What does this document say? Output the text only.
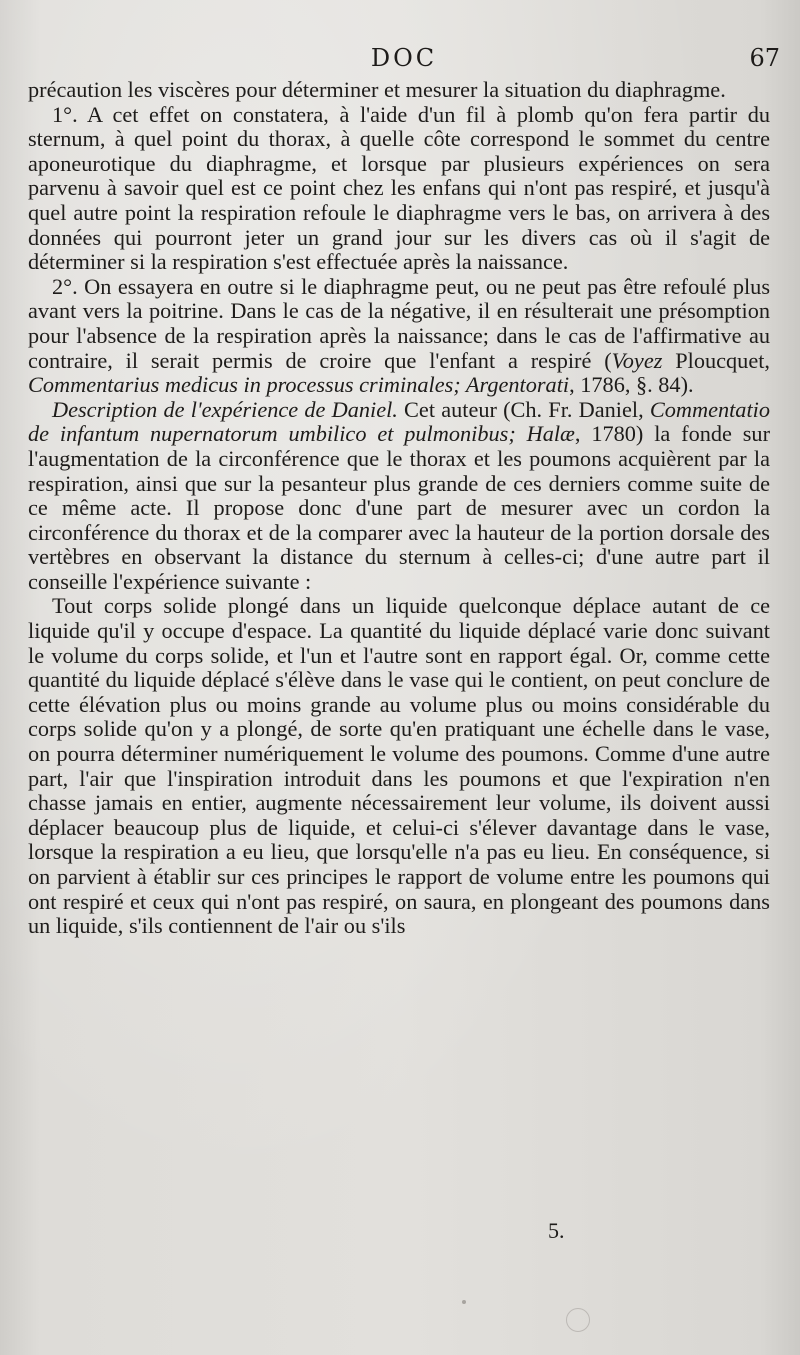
DOC	67

précaution les viscères pour déterminer et mesurer la situation du diaphragme.

1°. A cet effet on constatera, à l'aide d'un fil à plomb qu'on fera partir du sternum, à quel point du thorax, à quelle côte correspond le sommet du centre aponeurotique du diaphragme, et lorsque par plusieurs expériences on sera parvenu à savoir quel est ce point chez les enfans qui n'ont pas respiré, et jusqu'à quel autre point la respiration refoule le diaphragme vers le bas, on arrivera à des données qui pourront jeter un grand jour sur les divers cas où il s'agit de déterminer si la respiration s'est effectuée après la naissance.

2°. On essayera en outre si le diaphragme peut, ou ne peut pas être refoulé plus avant vers la poitrine. Dans le cas de la négative, il en résulterait une présomption pour l'absence de la respiration après la naissance; dans le cas de l'affirmative au contraire, il serait permis de croire que l'enfant a respiré (Voyez Ploucquet, Commentarius medicus in processus criminales; Argentorati, 1786, §. 84).

Description de l'expérience de Daniel. Cet auteur (Ch. Fr. Daniel, Commentatio de infantum nupernatorum umbilico et pulmonibus; Halæ, 1780) la fonde sur l'augmentation de la circonférence que le thorax et les poumons acquièrent par la respiration, ainsi que sur la pesanteur plus grande de ces derniers comme suite de ce même acte. Il propose donc d'une part de mesurer avec un cordon la circonférence du thorax et de la comparer avec la hauteur de la portion dorsale des vertèbres en observant la distance du sternum à celles-ci; d'une autre part il conseille l'expérience suivante :

Tout corps solide plongé dans un liquide quelconque déplace autant de ce liquide qu'il y occupe d'espace. La quantité du liquide déplacé varie donc suivant le volume du corps solide, et l'un et l'autre sont en rapport égal. Or, comme cette quantité du liquide déplacé s'élève dans le vase qui le contient, on peut conclure de cette élévation plus ou moins grande au volume plus ou moins considérable du corps solide qu'on y a plongé, de sorte qu'en pratiquant une échelle dans le vase, on pourra déterminer numériquement le volume des poumons. Comme d'une autre part, l'air que l'inspiration introduit dans les poumons et que l'expiration n'en chasse jamais en entier, augmente nécessairement leur volume, ils doivent aussi déplacer beaucoup plus de liquide, et celui-ci s'élever davantage dans le vase, lorsque la respiration a eu lieu, que lorsqu'elle n'a pas eu lieu. En conséquence, si on parvient à établir sur ces principes le rapport de volume entre les poumons qui ont respiré et ceux qui n'ont pas respiré, on saura, en plongeant des poumons dans un liquide, s'ils contiennent de l'air ou s'ils

5.
